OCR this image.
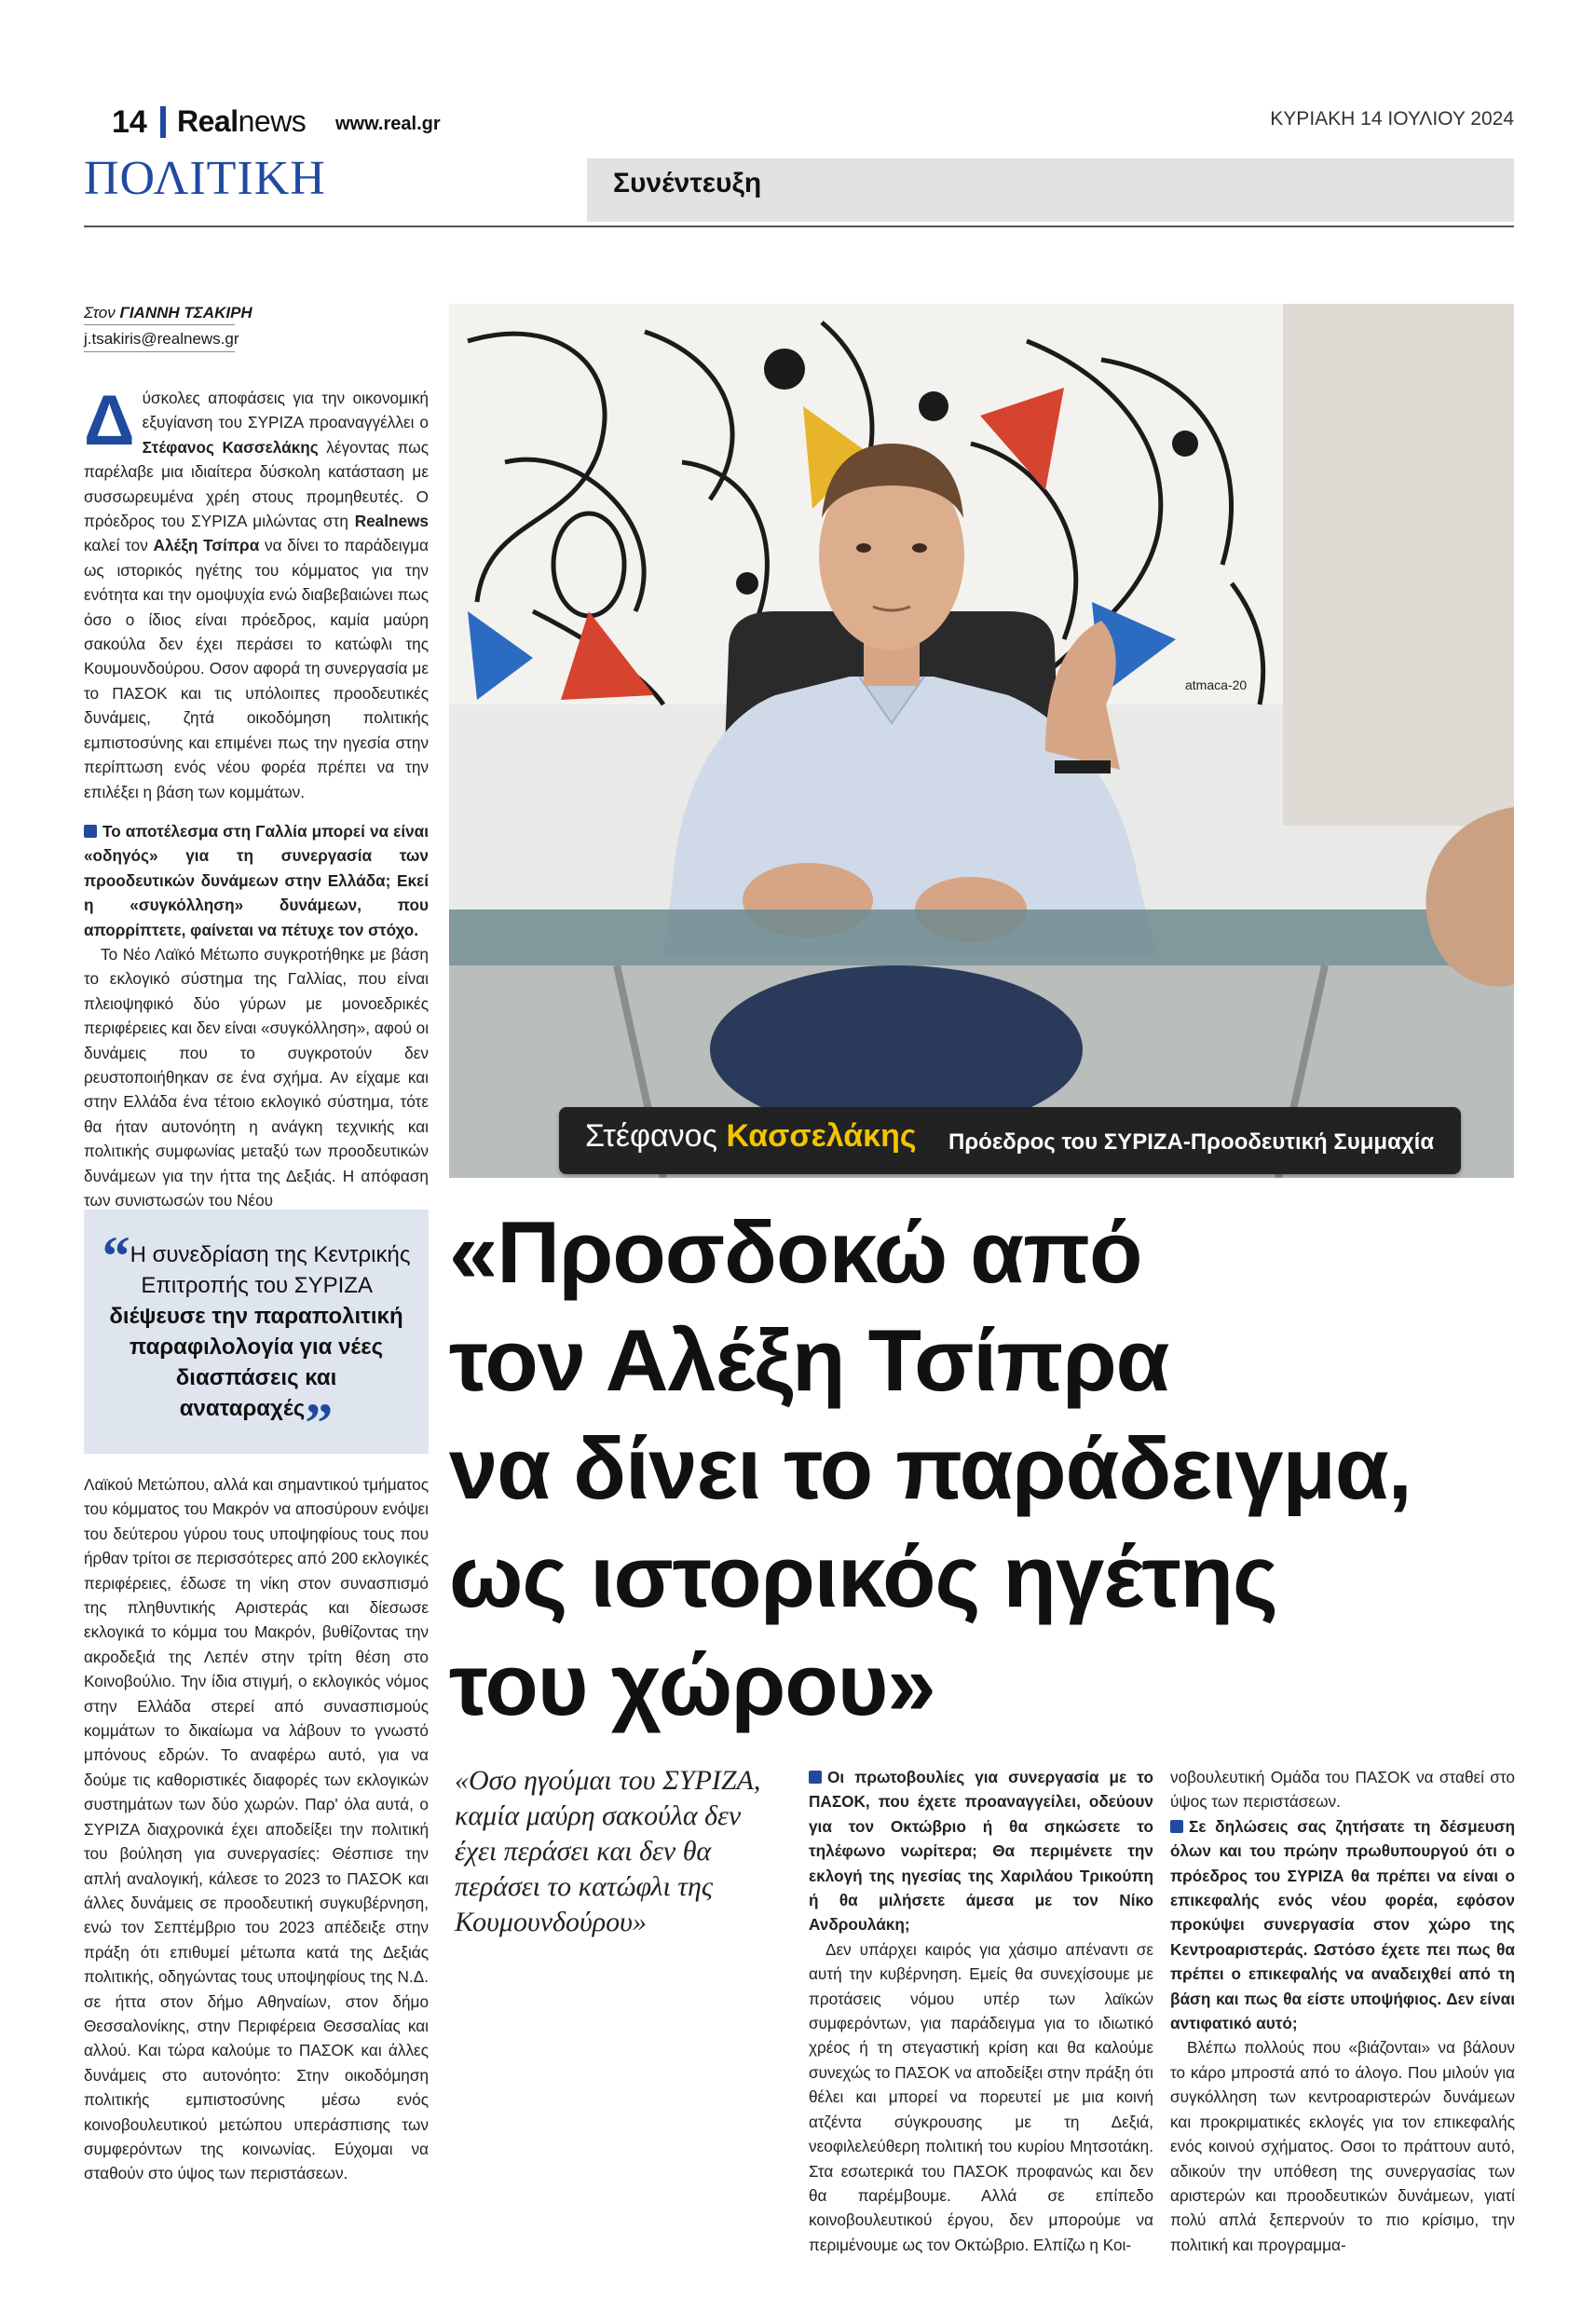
14 Realnews www.real.gr	ΚΥΡΙΑΚΗ 14 ΙΟΥΛΙΟΥ 2024
ΠΟΛΙΤΙΚΗ	Συνέντευξη
Στον ΓΙΑΝΝΗ ΤΣΑΚΙΡΗ
j.tsakiris@realnews.gr

Δύσκολες αποφάσεις για την οικονομική εξυγίανση του ΣΥΡΙΖΑ προαναγγέλλει ο Στέφανος Κασσελάκης λέγοντας πως παρέλαβε μια ιδιαίτερα δύσκολη κατάσταση με συσσωρευμένα χρέη στους προμηθευτές. Ο πρόεδρος του ΣΥΡΙΖΑ μιλώντας στη Realnews καλεί τον Αλέξη Τσίπρα να δίνει το παράδειγμα ως ιστορικός ηγέτης του κόμματος για την ενότητα και την ομοψυχία ενώ διαβεβαιώνει πως όσο ο ίδιος είναι πρόεδρος, καμία μαύρη σακούλα δεν έχει περάσει το κατώφλι της Κουμουνδούρου. Οσον αφορά τη συνεργασία με το ΠΑΣΟΚ και τις υπόλοιπες προοδευτικές δυνάμεις, ζητά οικοδόμηση πολιτικής εμπιστοσύνης και επιμένει πως την ηγεσία στην περίπτωση ενός νέου φορέα πρέπει να την επιλέξει η βάση των κομμάτων.

Το αποτέλεσμα στη Γαλλία μπορεί να είναι «οδηγός» για τη συνεργασία των προοδευτικών δυνάμεων στην Ελλάδα; Εκεί η «συγκόλληση» δυνάμεων, που απορρίπτετε, φαίνεται να πέτυχε τον στόχο.

Το Νέο Λαϊκό Μέτωπο συγκροτήθηκε με βάση το εκλογικό σύστημα της Γαλλίας, που είναι πλειοψηφικό δύο γύρων με μονοεδρικές περιφέρειες και δεν είναι «συγκόλληση», αφού οι δυνάμεις που το συγκροτούν δεν ρευστοποιήθηκαν σε ένα σχήμα. Αν είχαμε και στην Ελλάδα ένα τέτοιο εκλογικό σύστημα, τότε θα ήταν αυτονόητη η ανάγκη τεχνικής και πολιτικής συμφωνίας μεταξύ των προοδευτικών δυνάμεων για την ήττα της Δεξιάς. Η απόφαση των συνιστωσών του Νέου

“Η συνεδρίαση της Κεντρικής Επιτροπής του ΣΥΡΙΖΑ διέψευσε την παραπολιτική παραφιλολογία για νέες διασπάσεις και αναταραχές”

Λαϊκού Μετώπου, αλλά και σημαντικού τμήματος του κόμματος του Μακρόν να αποσύρουν ενόψει του δεύτερου γύρου τους υποψηφίους τους που ήρθαν τρίτοι σε περισσότερες από 200 εκλογικές περιφέρειες, έδωσε τη νίκη στον συνασπισμό της πληθυντικής Αριστεράς και δίεσωσε εκλογικά το κόμμα του Μακρόν, βυθίζοντας την ακροδεξιά της Λεπέν στην τρίτη θέση στο Κοινοβούλιο. Την ίδια στιγμή, ο εκλογικός νόμος στην Ελλάδα στερεί από συνασπισμούς κομμάτων το δικαίωμα να λάβουν το γνωστό μπόνους εδρών. Το αναφέρω αυτό, για να δούμε τις καθοριστικές διαφορές των εκλογικών συστημάτων των δύο χωρών. Παρ' όλα αυτά, ο ΣΥΡΙΖΑ διαχρονικά έχει αποδείξει την πολιτική του βούληση για συνεργασίες: Θέσπισε την απλή αναλογική, κάλεσε το 2023 το ΠΑΣΟΚ και άλλες δυνάμεις σε προοδευτική συγκυβέρνηση, ενώ τον Σεπτέμβριο του 2023 απέδειξε στην πράξη ότι επιθυμεί μέτωπα κατά της Δεξιάς πολιτικής, οδηγώντας τους υποψηφίους της Ν.Δ. σε ήττα στον δήμο Αθηναίων, στον δήμο Θεσσαλονίκης, στην Περιφέρεια Θεσσαλίας και αλλού. Και τώρα καλούμε το ΠΑΣΟΚ και άλλες δυνάμεις στο αυτονόητο: Στην οικοδόμηση πολιτικής εμπιστοσύνης μέσω ενός κοινοβουλευτικού μετώπου υπεράσπισης των συμφερόντων της κοινωνίας. Εύχομαι να σταθούν στο ύψος των περιστάσεων.

atmaca-20
Στέφανος Κασσελάκης Πρόεδρος του ΣΥΡΙΖΑ-Προοδευτική Συμμαχία
«Προσδοκώ από
τον Αλέξη Τσίπρα
να δίνει το παράδειγμα,
ως ιστορικός ηγέτης
του χώρου»
«Οσο ηγούμαι του ΣΥΡΙΖΑ, καμία μαύρη σακούλα δεν έχει περάσει και δεν θα περάσει το κατώφλι της Κουμουνδούρου»

Οι πρωτοβουλίες για συνεργασία με το ΠΑΣΟΚ, που έχετε προαναγγείλει, οδεύουν για τον Οκτώβριο ή θα σηκώσετε το τηλέφωνο νωρίτερα; Θα περιμένετε την εκλογή της ηγεσίας της Χαριλάου Τρικούπη ή θα μιλήσετε άμεσα με τον Νίκο Ανδρουλάκη;

Δεν υπάρχει καιρός για χάσιμο απέναντι σε αυτή την κυβέρνηση. Εμείς θα συνεχίσουμε με προτάσεις νόμου υπέρ των λαϊκών συμφερόντων, για παράδειγμα για το ιδιωτικό χρέος ή τη στεγαστική κρίση και θα καλούμε συνεχώς το ΠΑΣΟΚ να αποδείξει στην πράξη ότι θέλει και μπορεί να πορευτεί με μια κοινή ατζέντα σύγκρουσης με τη Δεξιά, νεοφιλελεύθερη πολιτική του κυρίου Μητσοτάκη. Στα εσωτερικά του ΠΑΣΟΚ προφανώς και δεν θα παρέμβουμε. Αλλά σε επίπεδο κοινοβουλευτικού έργου, δεν μπορούμε να περιμένουμε ως τον Οκτώβριο. Ελπίζω η Κοι-

νοβουλευτική Ομάδα του ΠΑΣΟΚ να σταθεί στο ύψος των περιστάσεων.

Σε δηλώσεις σας ζητήσατε τη δέσμευση όλων και του πρώην πρωθυπουργού ότι ο πρόεδρος του ΣΥΡΙΖΑ θα πρέπει να είναι ο επικεφαλής ενός νέου φορέα, εφόσον προκύψει συνεργασία στον χώρο της Κεντροαριστεράς. Ωστόσο έχετε πει πως θα πρέπει ο επικεφαλής να αναδειχθεί από τη βάση και πως θα είστε υποψήφιος. Δεν είναι αντιφατικό αυτό;

Βλέπω πολλούς που «βιάζονται» να βάλουν το κάρο μπροστά από το άλογο. Που μιλούν για συγκόλληση των κεντροαριστερών δυνάμεων και προκριματικές εκλογές για τον επικεφαλής ενός κοινού σχήματος. Οσοι το πράττουν αυτό, αδικούν την υπόθεση της συνεργασίας των αριστερών και προοδευτικών δυνάμεων, γιατί πολύ απλά ξεπερνούν το πιο κρίσιμο, την πολιτική και προγραμμα-
